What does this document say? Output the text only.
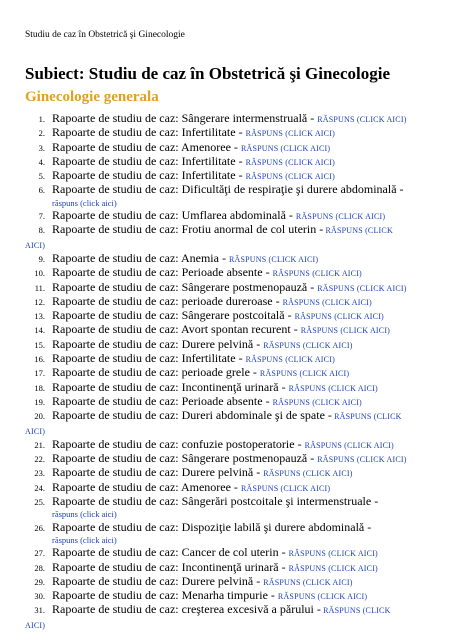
Studiu de caz în Obstetrică şi Ginecologie
Subiect: Studiu de caz în Obstetrică şi Ginecologie
Ginecologie generala
1. Rapoarte de studiu de caz: Sângerare intermenstruală - RĂSPUNS (CLICK AICI)
2. Rapoarte de studiu de caz: Infertilitate - RĂSPUNS (CLICK AICI)
3. Rapoarte de studiu de caz: Amenoree - RĂSPUNS (CLICK AICI)
4. Rapoarte de studiu de caz: Infertilitate - RĂSPUNS (CLICK AICI)
5. Rapoarte de studiu de caz: Infertilitate - RĂSPUNS (CLICK AICI)
6. Rapoarte de studiu de caz: Dificultăţi de respiraţie şi durere abdominală -
răspuns (click aici)
7. Rapoarte de studiu de caz: Umflarea abdominală - RĂSPUNS (CLICK AICI)
8. Rapoarte de studiu de caz: Frotiu anormal de col uterin - RĂSPUNS (CLICK
AICI)
9. Rapoarte de studiu de caz: Anemia - RĂSPUNS (CLICK AICI)
10. Rapoarte de studiu de caz: Perioade absente - RĂSPUNS (CLICK AICI)
11. Rapoarte de studiu de caz: Sângerare postmenopauză - RĂSPUNS (CLICK AICI)
12. Rapoarte de studiu de caz: perioade dureroase - RĂSPUNS (CLICK AICI)
13. Rapoarte de studiu de caz: Sângerare postcoitală - RĂSPUNS (CLICK AICI)
14. Rapoarte de studiu de caz: Avort spontan recurent - RĂSPUNS (CLICK AICI)
15. Rapoarte de studiu de caz: Durere pelvină - RĂSPUNS (CLICK AICI)
16. Rapoarte de studiu de caz: Infertilitate - RĂSPUNS (CLICK AICI)
17. Rapoarte de studiu de caz: perioade grele - RĂSPUNS (CLICK AICI)
18. Rapoarte de studiu de caz: Incontinenţă urinară - RĂSPUNS (CLICK AICI)
19. Rapoarte de studiu de caz: Perioade absente - RĂSPUNS (CLICK AICI)
20. Rapoarte de studiu de caz: Dureri abdominale şi de spate - RĂSPUNS (CLICK
AICI)
21. Rapoarte de studiu de caz: confuzie postoperatorie - RĂSPUNS (CLICK AICI)
22. Rapoarte de studiu de caz: Sângerare postmenopauză - RĂSPUNS (CLICK AICI)
23. Rapoarte de studiu de caz: Durere pelvină - RĂSPUNS (CLICK AICI)
24. Rapoarte de studiu de caz: Amenoree - RĂSPUNS (CLICK AICI)
25. Rapoarte de studiu de caz: Sângerări postcoitale şi intermenstruale -
răspuns (click aici)
26. Rapoarte de studiu de caz: Dispoziţie labilă şi durere abdominală -
răspuns (click aici)
27. Rapoarte de studiu de caz: Cancer de col uterin - RĂSPUNS (CLICK AICI)
28. Rapoarte de studiu de caz: Incontinenţă urinară - RĂSPUNS (CLICK AICI)
29. Rapoarte de studiu de caz: Durere pelvină - RĂSPUNS (CLICK AICI)
30. Rapoarte de studiu de caz: Menarha timpurie - RĂSPUNS (CLICK AICI)
31. Rapoarte de studiu de caz: creşterea excesivă a părului - RĂSPUNS (CLICK
AICI)
